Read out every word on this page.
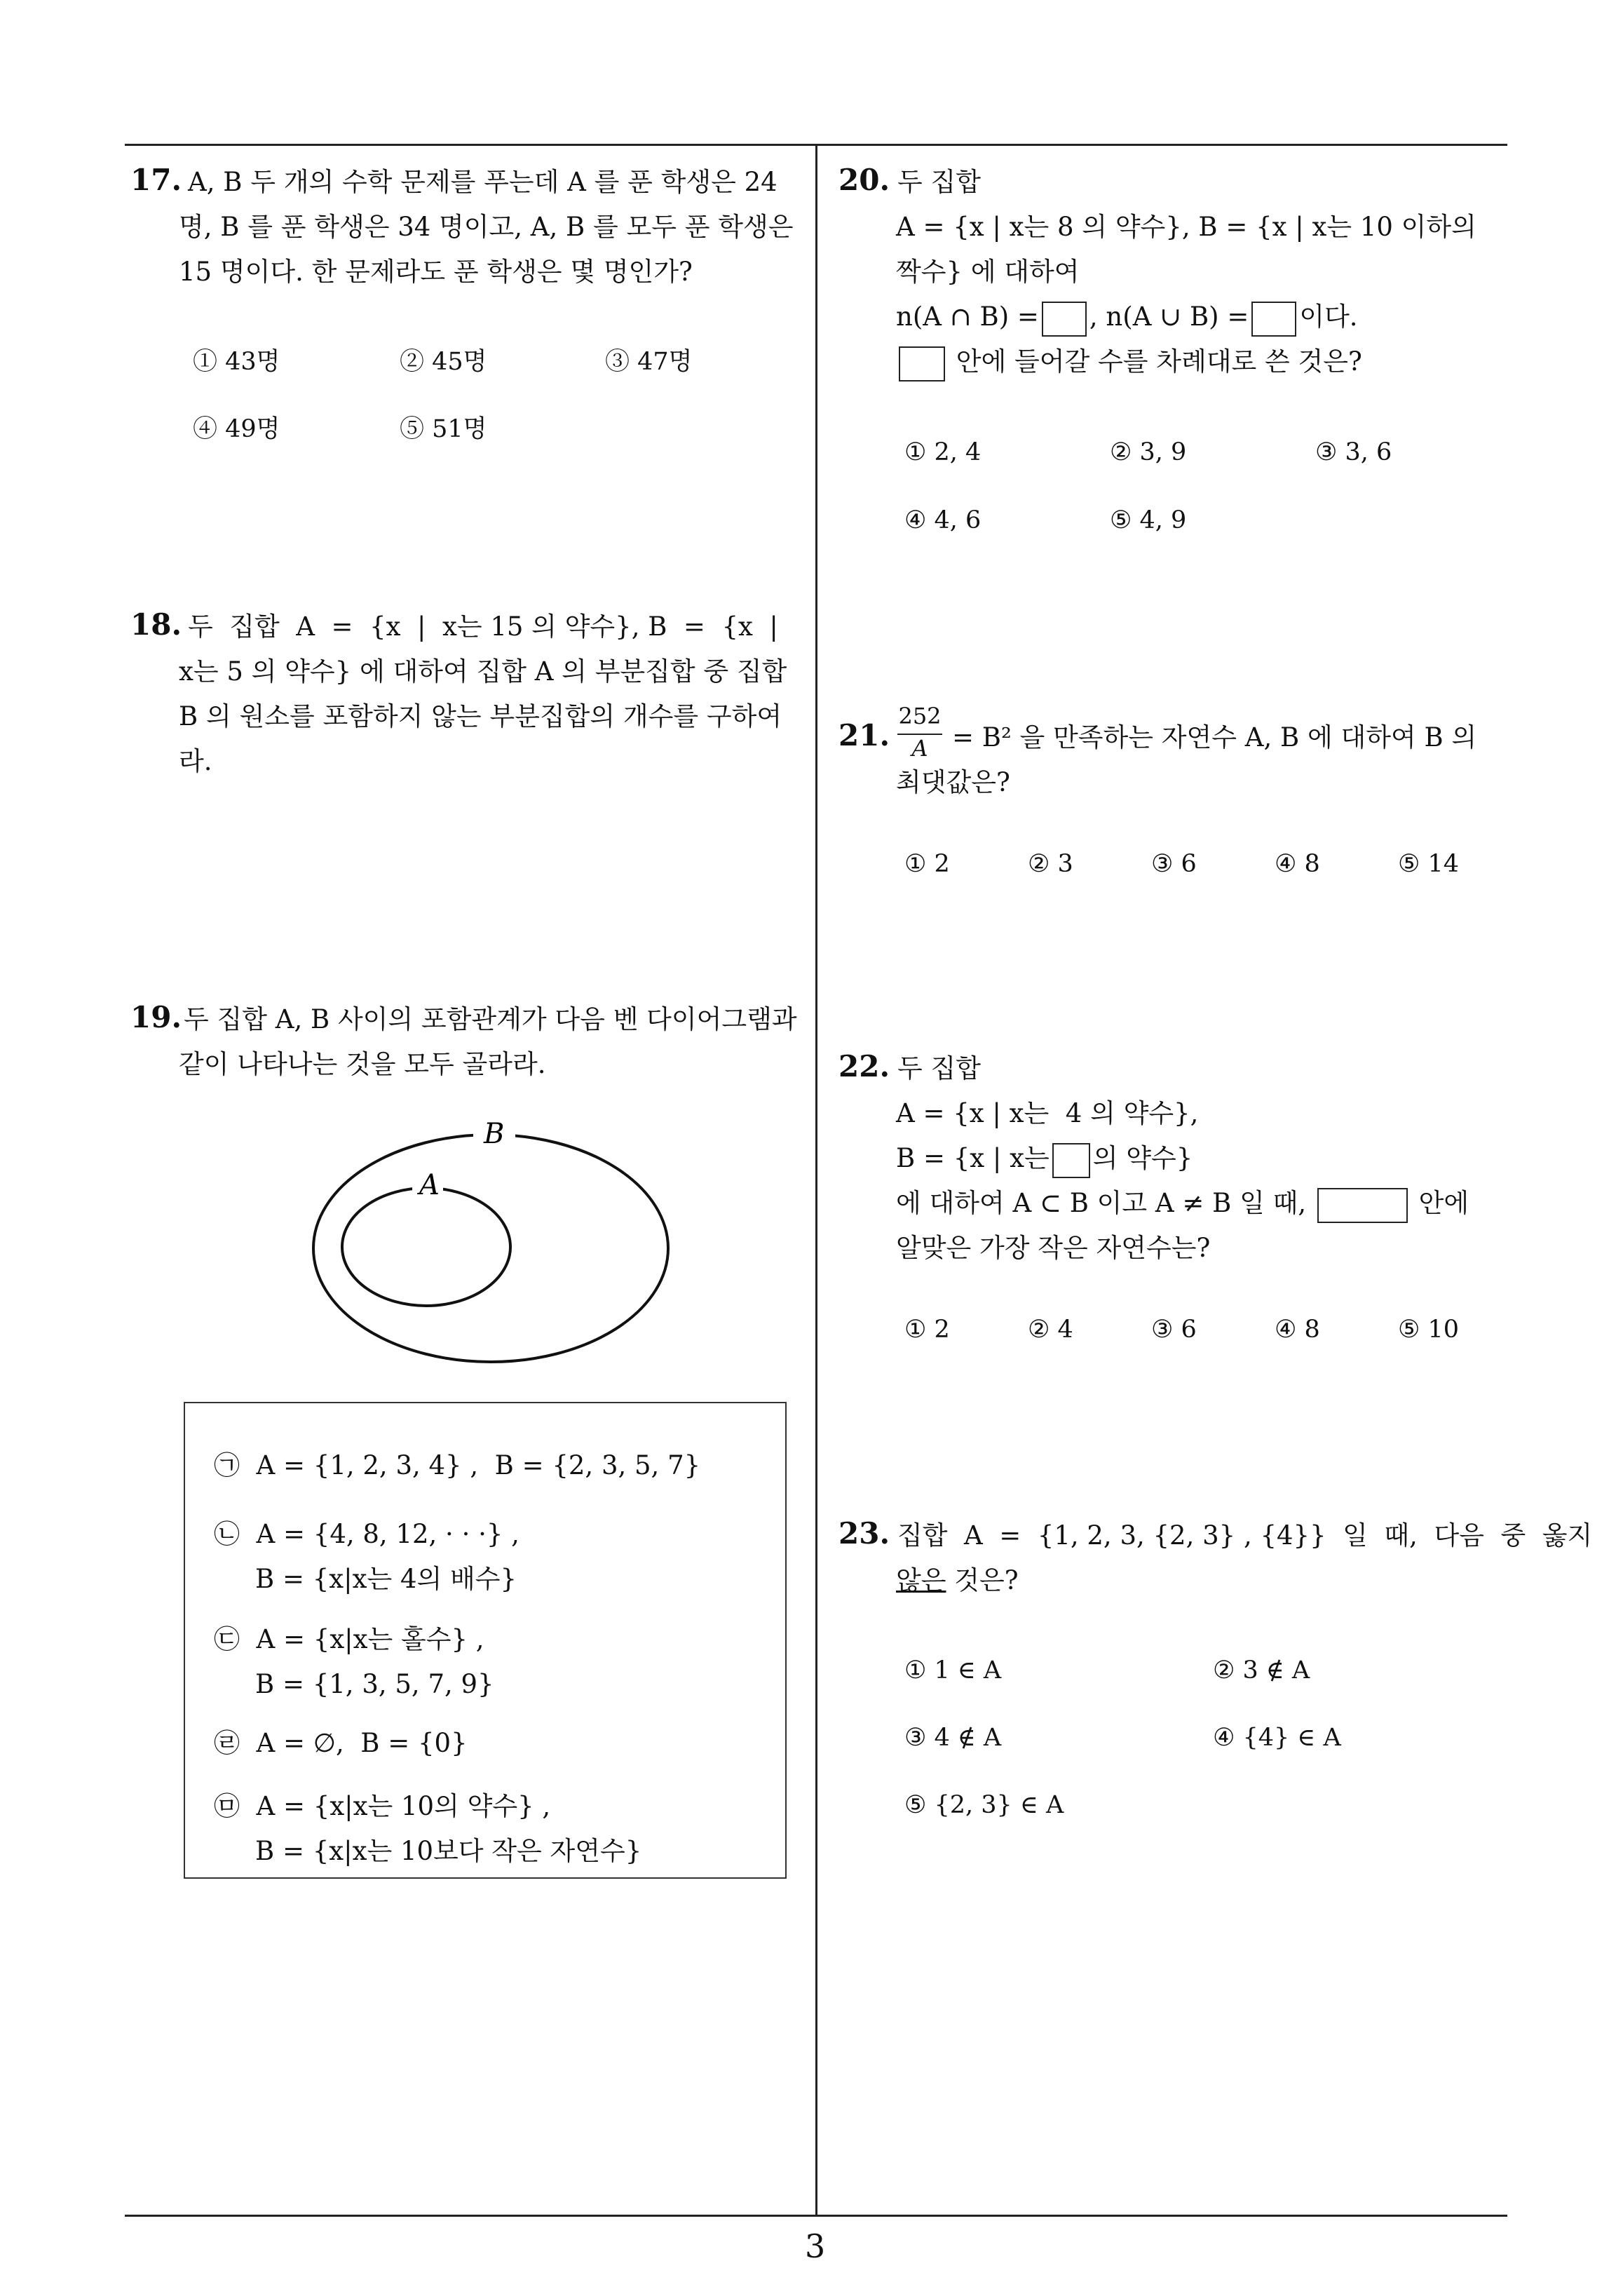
17. A, B 두 개의 수학 문제를 푸는데 A 를 푼 학생은 24
명, B 를 푼 학생은 34 명이고, A, B 를 모두 푼 학생은
15 명이다. 한 문제라도 푼 학생은 몇 명인가?
① 43명	② 45명	③ 47명
④ 49명	⑤ 51명
18. 두  집합  A  =  {x  |  x는 15 의 약수}, B  =  {x  |
x는 5 의 약수} 에 대하여 집합 A 의 부분집합 중 집합
B 의 원소를 포함하지 않는 부분집합의 개수를 구하여
라.
19. 두 집합 A, B 사이의 포함관계가 다음 벤 다이어그램과
같이 나타나는 것을 모두 골라라.
B
A
㉠ A = {1, 2, 3, 4} ,  B = {2, 3, 5, 7}
㉡ A = {4, 8, 12, · · ·} ,
B = {x|x는 4의 배수}
㉢ A = {x|x는 홀수} ,
B = {1, 3, 5, 7, 9}
㉣ A = ∅,  B = {0}
㉤ A = {x|x는 10의 약수} ,
B = {x|x는 10보다 작은 자연수}
20. 두 집합
A = {x | x는 8 의 약수}, B = {x | x는 10 이하의
짝수} 에 대하여
n(A ∩ B) = , n(A ∪ B) = 이다.
안에 들어갈 수를 차례대로 쓴 것은?
① 2, 4	② 3, 9	③ 3, 6
④ 4, 6	⑤ 4, 9
21.
252
A = B² 을 만족하는 자연수 A, B 에 대하여 B 의
최댓값은?
① 2	② 3	③ 6	④ 8	⑤ 14
22. 두 집합
A = {x | x는  4 의 약수},
B = {x | x는 의 약수}
에 대하여 A ⊂ B 이고 A ≠ B 일 때,	안에
알맞은 가장 작은 자연수는?
① 2	② 4	③ 6	④ 8	⑤ 10
23. 집합  A  =  {1, 2, 3, {2, 3} , {4}}  일  때,  다음  중  옳지
않은 것은?
① 1 ∈ A	② 3 ∉ A
③ 4 ∉ A	④ {4} ∈ A
⑤ {2, 3} ∈ A
3
